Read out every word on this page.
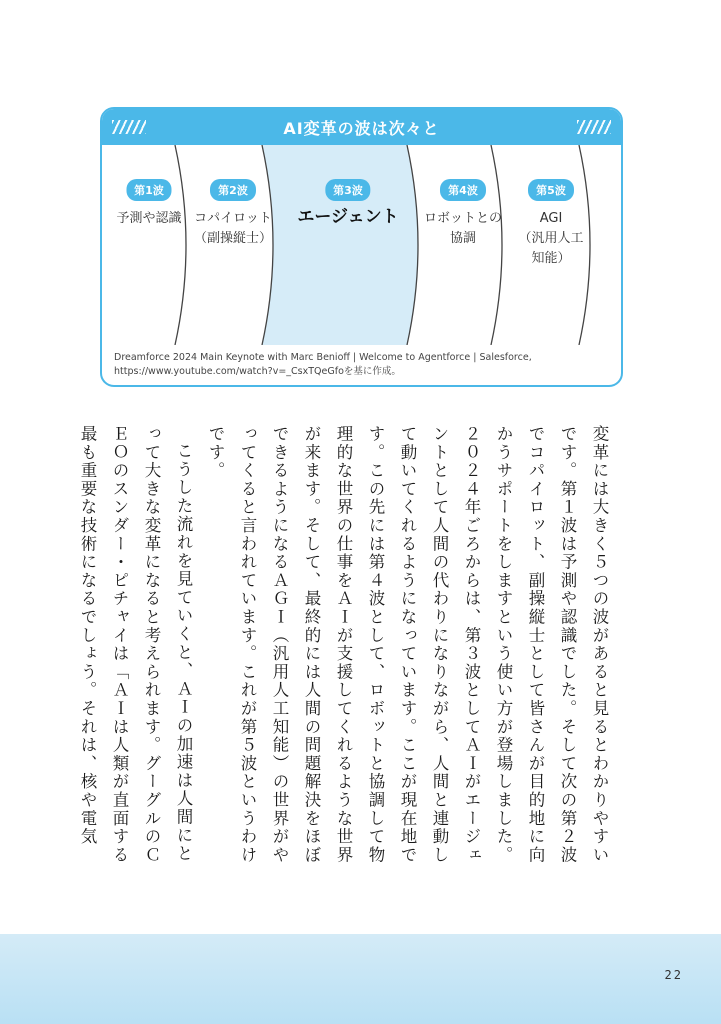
AI変革の波は次々と
第1波
予測や認識
第2波
コパイロット
（副操縦士）
第3波
エージェント
第4波
ロボットとの
協調
第5波
AGI
（汎用人工知能）
Dreamforce 2024 Main Keynote with Marc Benioff | Welcome to Agentforce | Salesforce, https://www.youtube.com/watch?v=_CsxTQeGfoを基に作成。

変革には大きく５つの波があると見るとわかりやすいです。第１波は予測や認識でした。そして次の第２波でコパイロット、副操縦士として皆さんが目的地に向かうサポートをしますという使い方が登場しました。２０２４年ごろからは、第３波としてＡＩがエージェントとして人間の代わりになりながら、人間と連動して動いてくれるようになっています。ここが現在地です。この先には第４波として、ロボットと協調して物理的な世界の仕事をＡＩが支援してくれるような世界が来ます。そして、最終的には人間の問題解決をほぼできるようになるＡＧＩ（汎用人工知能）の世界がやってくると言われています。これが第５波というわけです。

こうした流れを見ていくと、ＡＩの加速は人間にとって大きな変革になると考えられます。グーグルのＣＥＯのスンダー・ピチャイは「ＡＩは人類が直面する最も重要な技術になるでしょう。それは、核や電気

22
